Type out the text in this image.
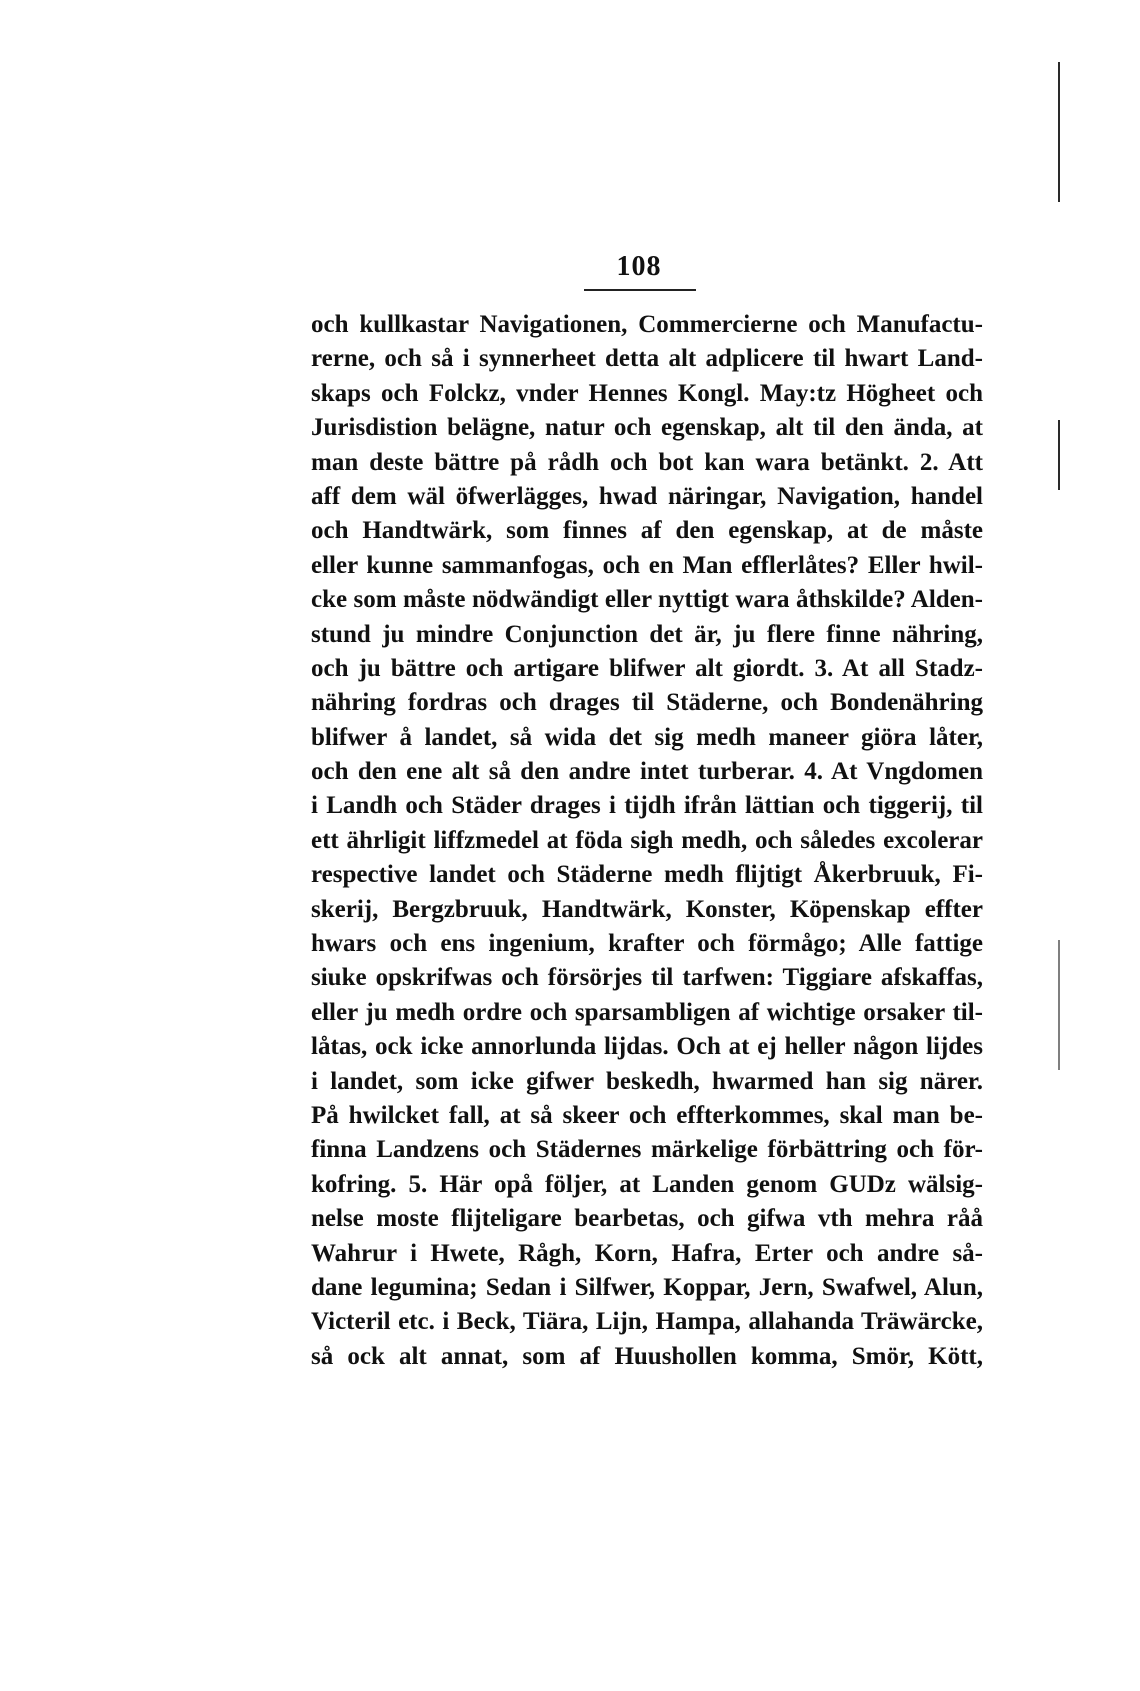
108
och kullkastar Navigationen, Commercierne och Manufactu-
rerne, och så i synnerheet detta alt adplicere til hwart Land-
skaps och Folckz, vnder Hennes Kongl. May:tz Högheet och
Jurisdistion belägne, natur och egenskap, alt til den ända, at
man deste bättre på rådh och bot kan wara betänkt. 2. Att
aff dem wäl öfwerlägges, hwad näringar, Navigation, handel
och Handtwärk, som finnes af den egenskap, at de måste
eller kunne sammanfogas, och en Man efflerlåtes? Eller hwil-
cke som måste nödwändigt eller nyttigt wara åthskilde? Alden-
stund ju mindre Conjunction det är, ju flere finne nähring,
och ju bättre och artigare blifwer alt giordt. 3. At all Stadz-
nähring fordras och drages til Städerne, och Bondenähring
blifwer å landet, så wida det sig medh maneer giöra låter,
och den ene alt så den andre intet turberar. 4. At Vngdomen
i Landh och Städer drages i tijdh ifrån lättian och tiggerij, til
ett ährligit liffzmedel at föda sigh medh, och således excolerar
respective landet och Städerne medh flijtigt Åkerbruuk, Fi-
skerij, Bergzbruuk, Handtwärk, Konster, Köpenskap effter
hwars och ens ingenium, krafter och förmågo; Alle fattige
siuke opskrifwas och försörjes til tarfwen: Tiggiare afskaffas,
eller ju medh ordre och sparsambligen af wichtige orsaker til-
låtas, ock icke annorlunda lijdas. Och at ej heller någon lijdes
i landet, som icke gifwer beskedh, hwarmed han sig närer.
På hwilcket fall, at så skeer och effterkommes, skal man be-
finna Landzens och Städernes märkelige förbättring och för-
kofring. 5. Här opå följer, at Landen genom GUDz wälsig-
nelse moste flijteligare bearbetas, och gifwa vth mehra råå
Wahrur i Hwete, Rågh, Korn, Hafra, Erter och andre så-
dane legumina; Sedan i Silfwer, Koppar, Jern, Swafwel, Alun,
Victeril etc. i Beck, Tiära, Lijn, Hampa, allahanda Träwärcke,
så ock alt annat, som af Huushollen komma, Smör, Kött,
